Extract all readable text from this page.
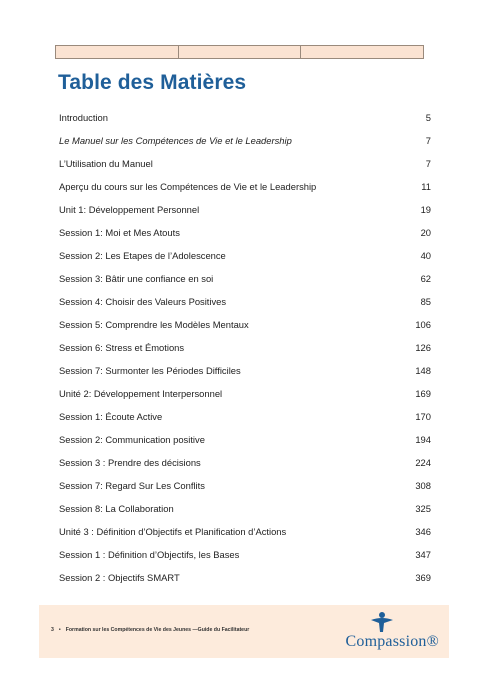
Table des Matières
Introduction	5
Le Manuel sur les Compétences de Vie et le Leadership	7
L’Utilisation du Manuel	7
Aperçu du cours sur les Compétences de Vie et le Leadership	11
Unit 1: Développement Personnel	19
Session 1: Moi et Mes Atouts	20
Session 2: Les Etapes de l’Adolescence	40
Session 3: Bâtir une confiance en soi	62
Session 4: Choisir des Valeurs Positives	85
Session 5: Comprendre les Modèles Mentaux	106
Session 6: Stress et Émotions	126
Session 7: Surmonter les Périodes Difficiles	148
Unité 2: Développement Interpersonnel	169
Session 1: Écoute Active	170
Session 2: Communication positive	194
Session 3 : Prendre des décisions	224
Session 7: Regard Sur Les Conflits	308
Session 8: La Collaboration	325
Unité 3 : Définition d’Objectifs et Planification d’Actions	346
Session 1 : Définition d’Objectifs, les Bases	347
Session 2 : Objectifs SMART	369
3 • Formation sur les Compétences de Vie des Jeunes —Guide du Facilitateur
Compassion®
